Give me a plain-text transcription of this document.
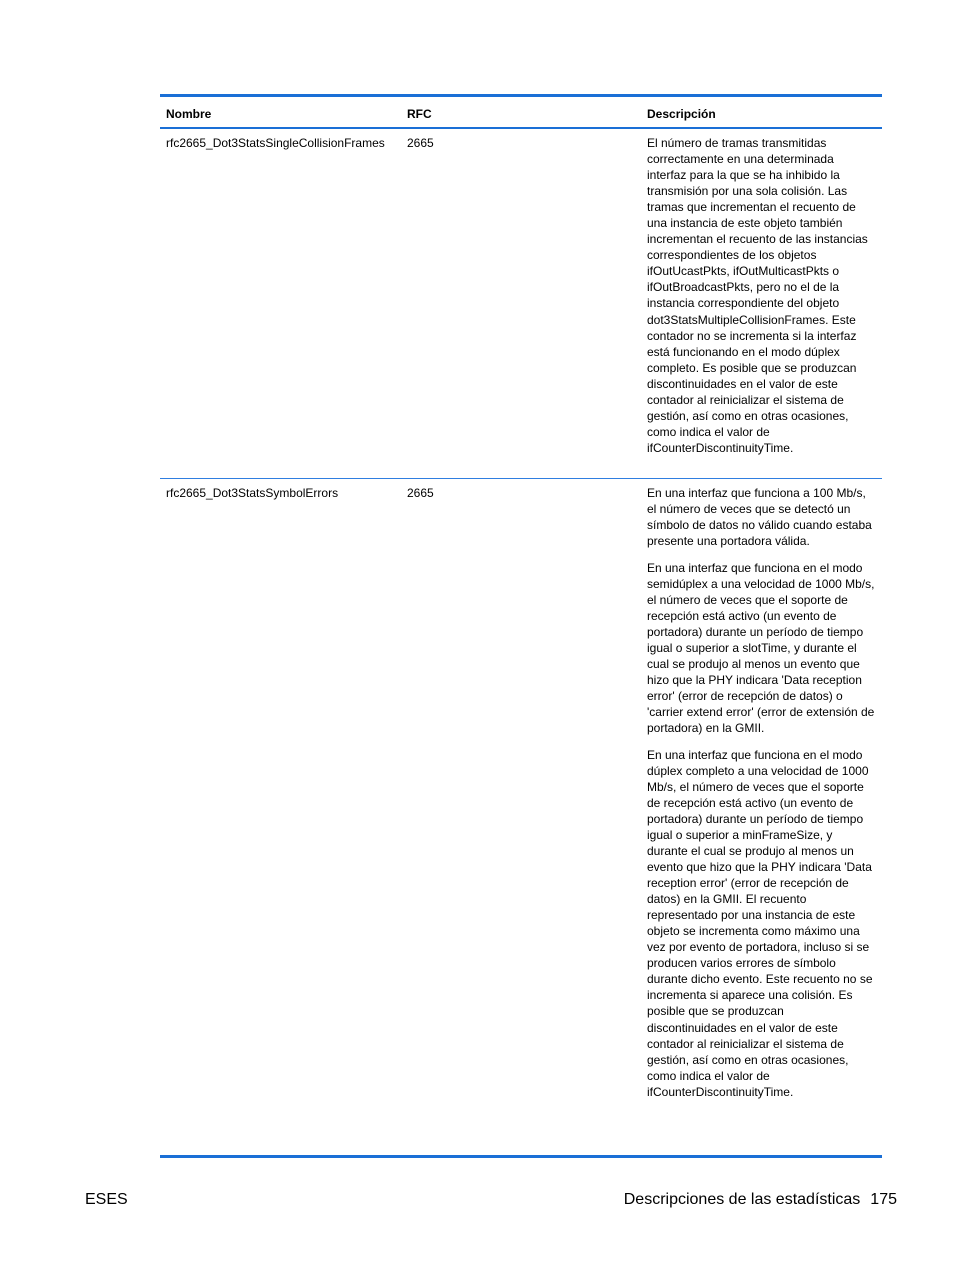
Nombre	RFC	Descripción
rfc2665_Dot3StatsSingleCollisionFrames	2665	El número de tramas transmitidas correctamente en una determinada interfaz para la que se ha inhibido la transmisión por una sola colisión. Las tramas que incrementan el recuento de una instancia de este objeto también incrementan el recuento de las instancias correspondientes de los objetos ifOutUcastPkts, ifOutMulticastPkts o ifOutBroadcastPkts, pero no el de la instancia correspondiente del objeto dot3StatsMultipleCollisionFrames. Este contador no se incrementa si la interfaz está funcionando en el modo dúplex completo. Es posible que se produzcan discontinuidades en el valor de este contador al reinicializar el sistema de gestión, así como en otras ocasiones, como indica el valor de ifCounterDiscontinuityTime.

rfc2665_Dot3StatsSymbolErrors	2665	En una interfaz que funciona a 100 Mb/s, el número de veces que se detectó un símbolo de datos no válido cuando estaba presente una portadora válida.

En una interfaz que funciona en el modo semidúplex a una velocidad de 1000 Mb/s, el número de veces que el soporte de recepción está activo (un evento de portadora) durante un período de tiempo igual o superior a slotTime, y durante el cual se produjo al menos un evento que hizo que la PHY indicara 'Data reception error' (error de recepción de datos) o 'carrier extend error' (error de extensión de portadora) en la GMII.

En una interfaz que funciona en el modo dúplex completo a una velocidad de 1000 Mb/s, el número de veces que el soporte de recepción está activo (un evento de portadora) durante un período de tiempo igual o superior a minFrameSize, y durante el cual se produjo al menos un evento que hizo que la PHY indicara 'Data reception error' (error de recepción de datos) en la GMII. El recuento representado por una instancia de este objeto se incrementa como máximo una vez por evento de portadora, incluso si se producen varios errores de símbolo durante dicho evento. Este recuento no se incrementa si aparece una colisión. Es posible que se produzcan discontinuidades en el valor de este contador al reinicializar el sistema de gestión, así como en otras ocasiones, como indica el valor de ifCounterDiscontinuityTime.

ESES	Descripciones de las estadísticas 175
